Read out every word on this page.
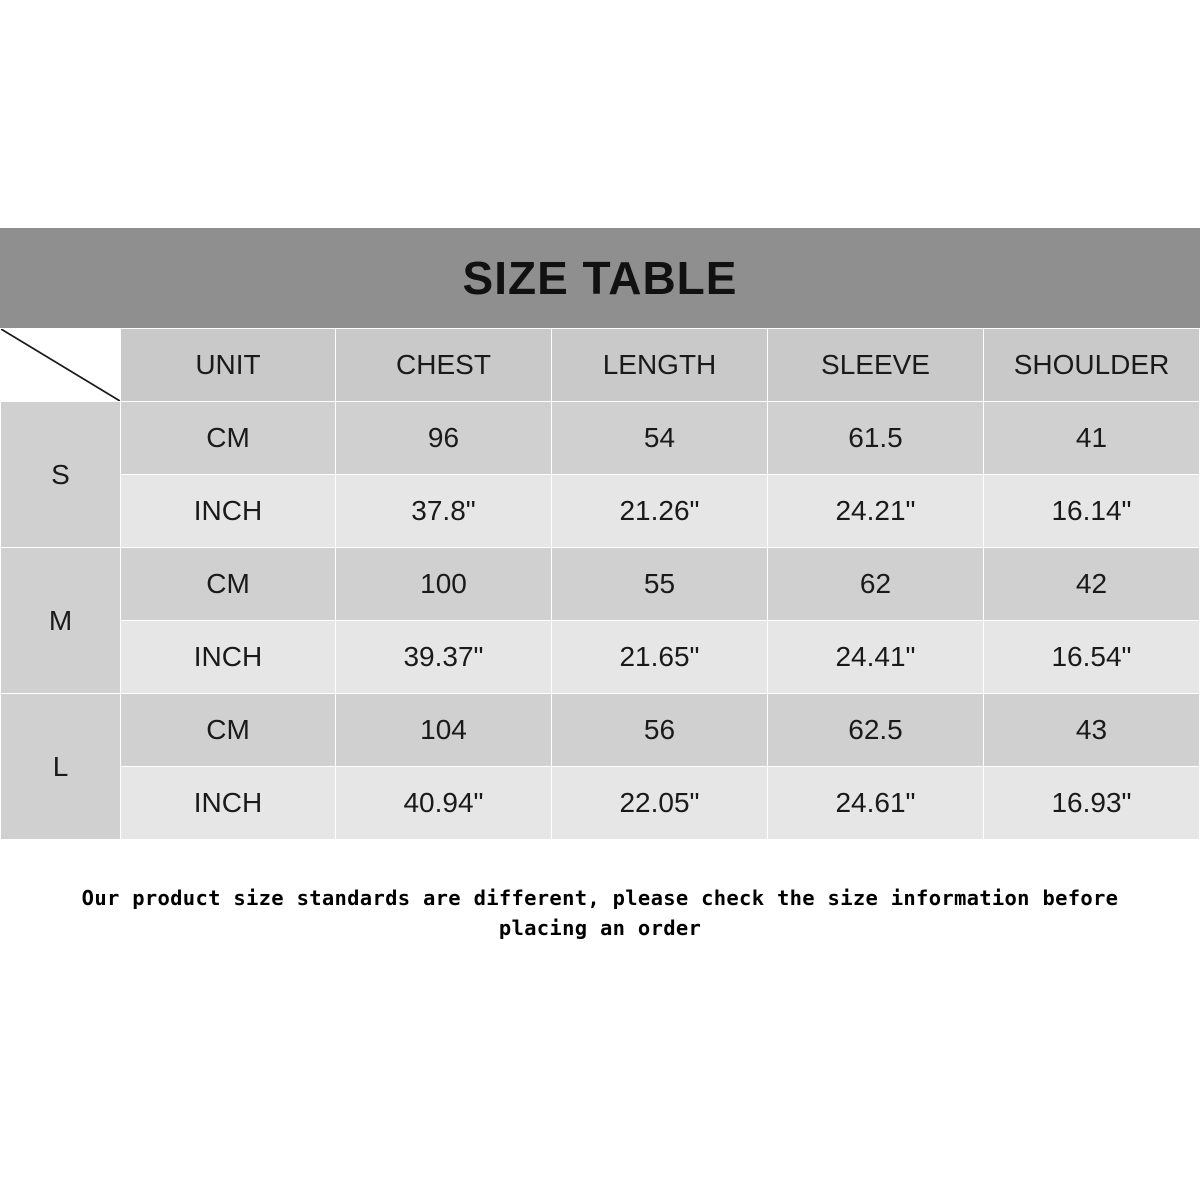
SIZE TABLE
	UNIT	CHEST	LENGTH	SLEEVE	SHOULDER
S	CM	96	54	61.5	41
	INCH	37.8"	21.26"	24.21"	16.14"
M	CM	100	55	62	42
	INCH	39.37"	21.65"	24.41"	16.54"
L	CM	104	56	62.5	43
	INCH	40.94"	22.05"	24.61"	16.93"
Our product size standards are different, please check the size information before
placing an order
